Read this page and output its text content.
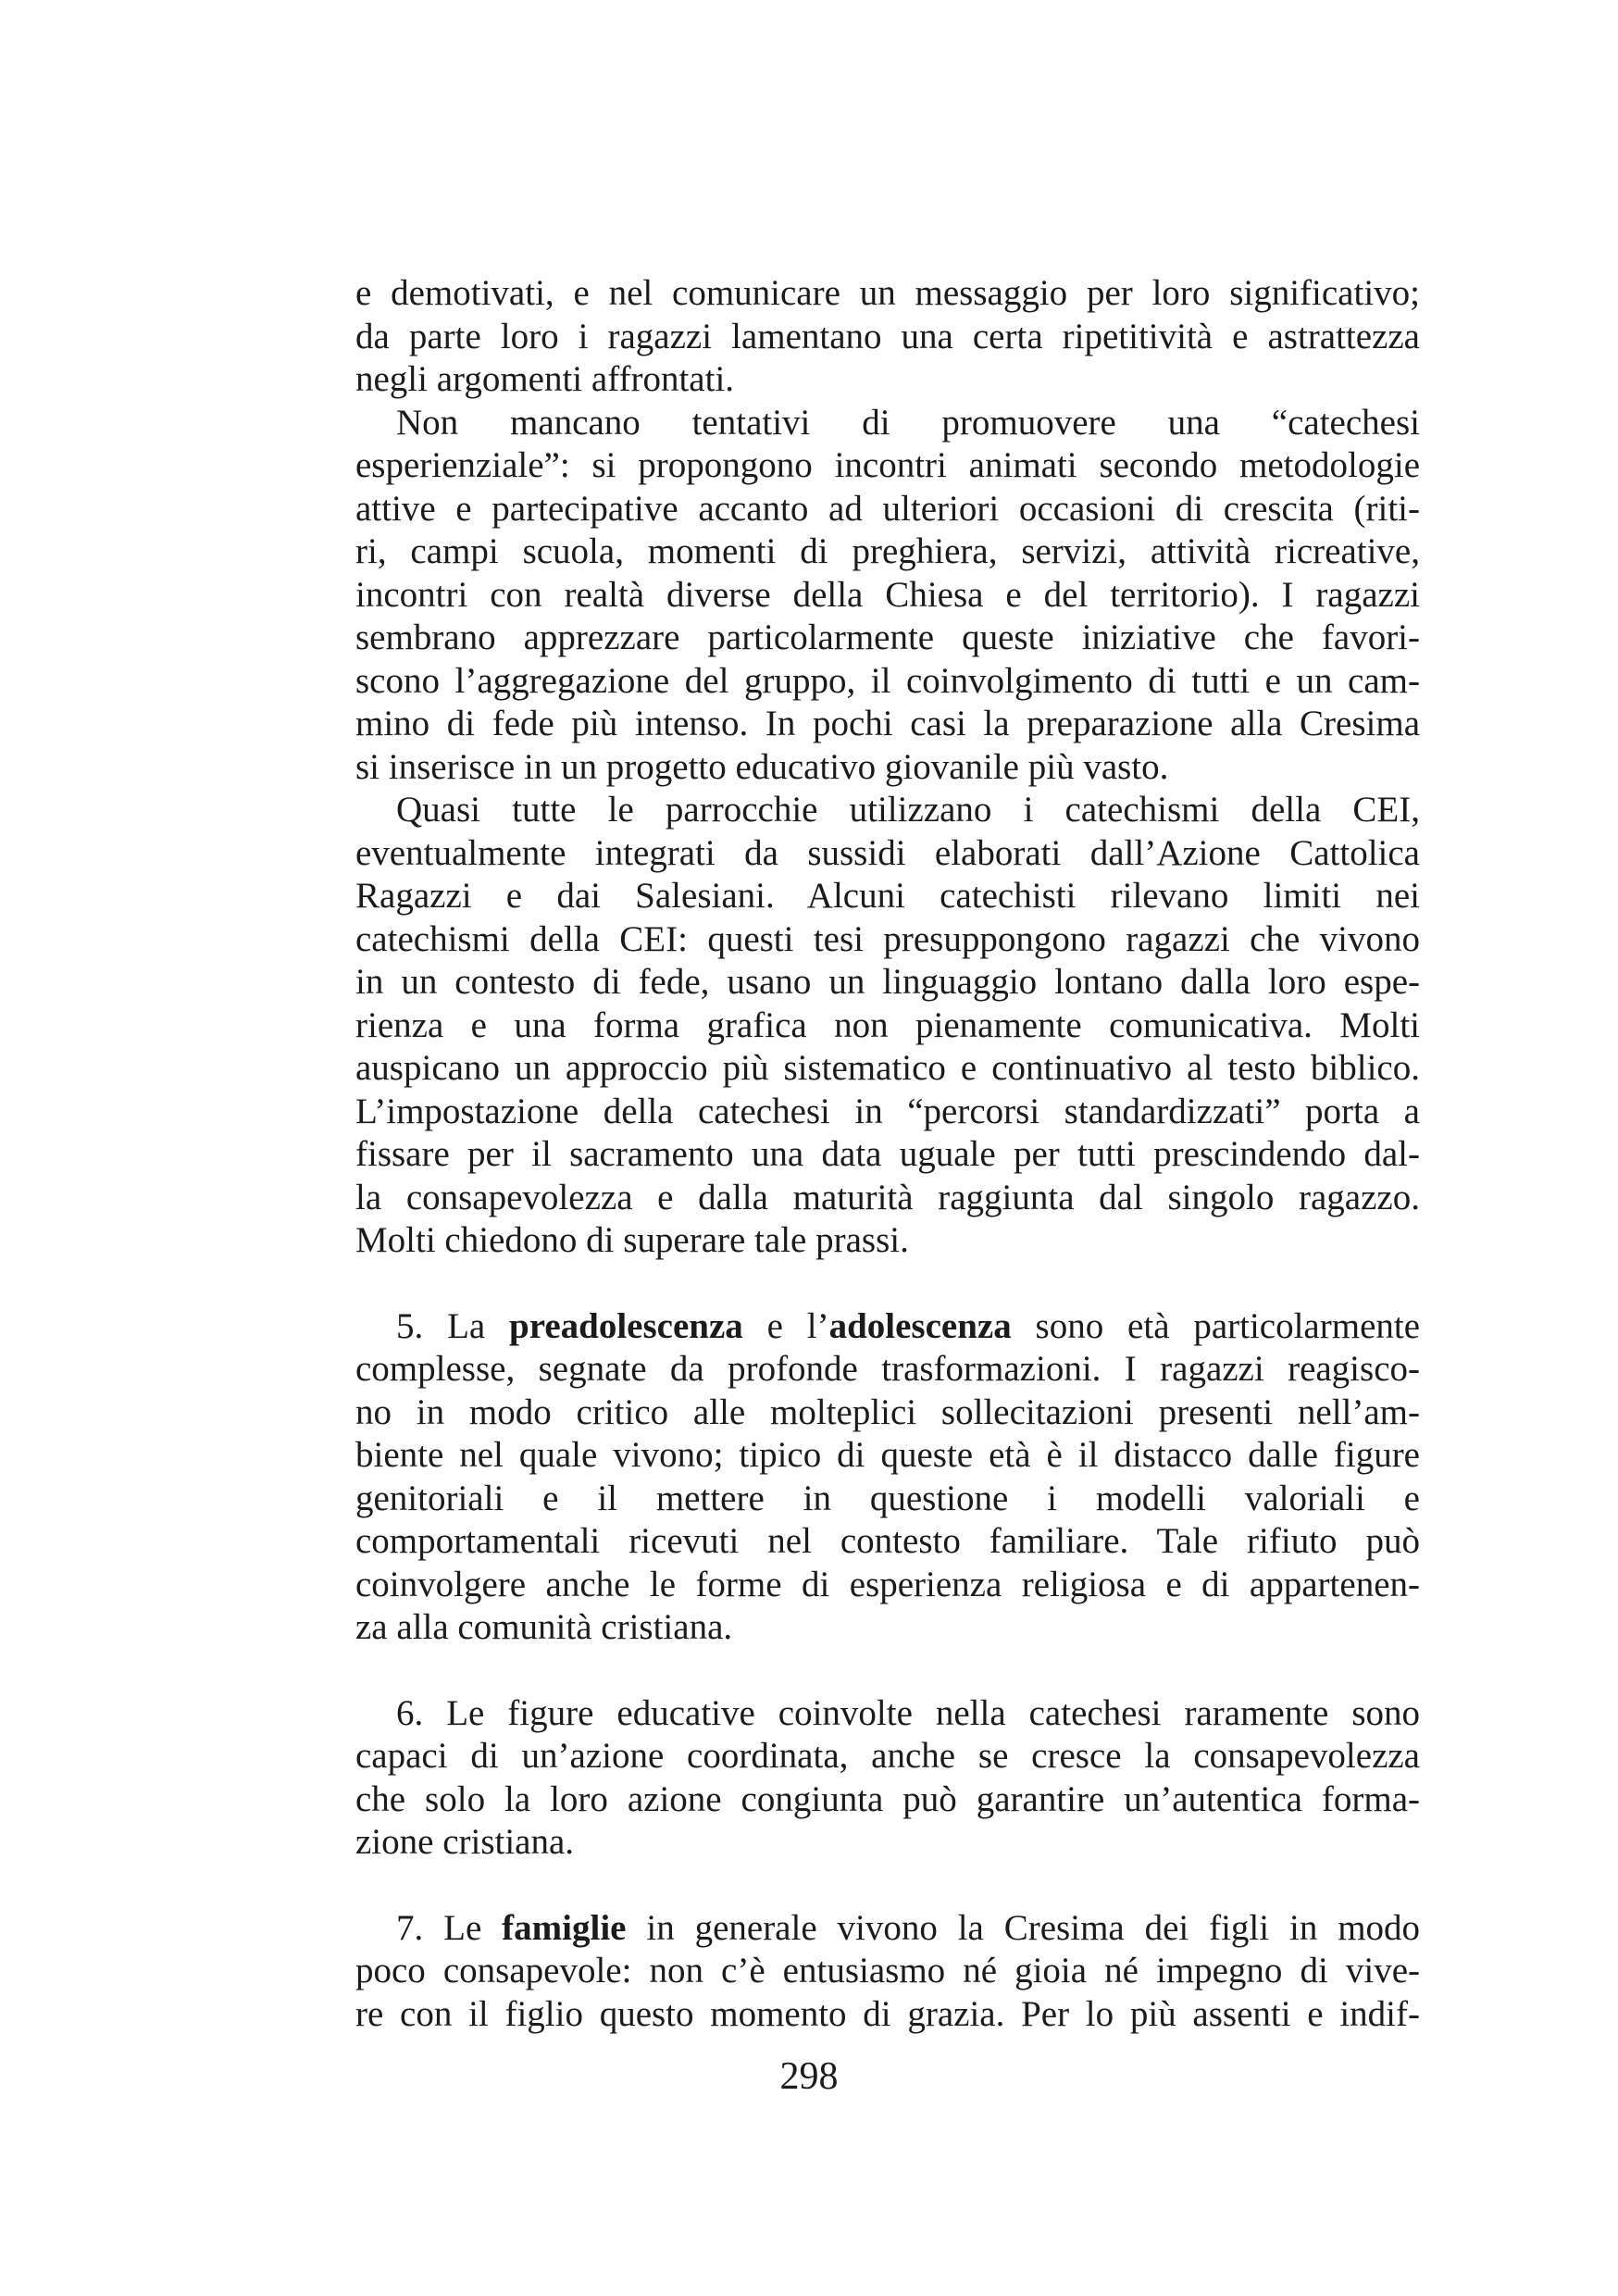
e demotivati, e nel comunicare un messaggio per loro significativo;
da parte loro i ragazzi lamentano una certa ripetitività e astrattezza
negli argomenti affrontati.
Non mancano tentativi di promuovere una “catechesi
esperienziale”: si propongono incontri animati secondo metodologie
attive e partecipative accanto ad ulteriori occasioni di crescita (riti-
ri, campi scuola, momenti di preghiera, servizi, attività ricreative,
incontri con realtà diverse della Chiesa e del territorio). I ragazzi
sembrano apprezzare particolarmente queste iniziative che favori-
scono l’aggregazione del gruppo, il coinvolgimento di tutti e un cam-
mino di fede più intenso. In pochi casi la preparazione alla Cresima
si inserisce in un progetto educativo giovanile più vasto.
Quasi tutte le parrocchie utilizzano i catechismi della CEI,
eventualmente integrati da sussidi elaborati dall’Azione Cattolica
Ragazzi e dai Salesiani. Alcuni catechisti rilevano limiti nei
catechismi della CEI: questi tesi presuppongono ragazzi che vivono
in un contesto di fede, usano un linguaggio lontano dalla loro espe-
rienza e una forma grafica non pienamente comunicativa. Molti
auspicano un approccio più sistematico e continuativo al testo biblico.
L’impostazione della catechesi in “percorsi standardizzati” porta a
fissare per il sacramento una data uguale per tutti prescindendo dal-
la consapevolezza e dalla maturità raggiunta dal singolo ragazzo.
Molti chiedono di superare tale prassi.
5. La preadolescenza e l’adolescenza sono età particolarmente
complesse, segnate da profonde trasformazioni. I ragazzi reagisco-
no in modo critico alle molteplici sollecitazioni presenti nell’am-
biente nel quale vivono; tipico di queste età è il distacco dalle figure
genitoriali e il mettere in questione i modelli valoriali e
comportamentali ricevuti nel contesto familiare. Tale rifiuto può
coinvolgere anche le forme di esperienza religiosa e di appartenen-
za alla comunità cristiana.
6. Le figure educative coinvolte nella catechesi raramente sono
capaci di un’azione coordinata, anche se cresce la consapevolezza
che solo la loro azione congiunta può garantire un’autentica forma-
zione cristiana.
7. Le famiglie in generale vivono la Cresima dei figli in modo
poco consapevole: non c’è entusiasmo né gioia né impegno di vive-
re con il figlio questo momento di grazia. Per lo più assenti e indif-
298
